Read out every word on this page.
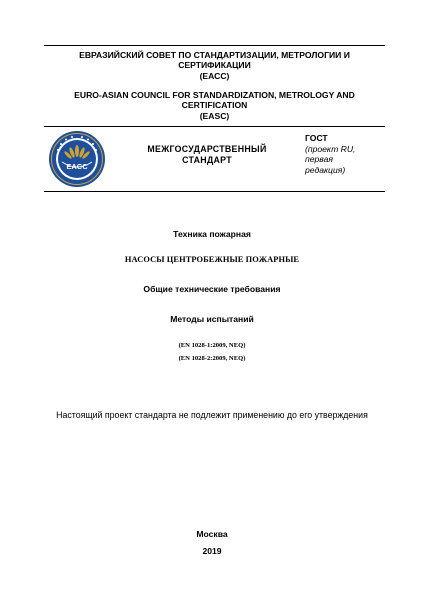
ЕВРАЗИЙСКИЙ СОВЕТ ПО СТАНДАРТИЗАЦИИ, МЕТРОЛОГИИ И
СЕРТИФИКАЦИИ
(ЕАСС)
EURO-ASIAN COUNCIL FOR STANDARDIZATION, METROLOGY AND
CERTIFICATION
(EASC)
EACC
МЕЖГОСУДАРСТВЕННЫЙ
СТАНДАРТ
ГОСТ
(проект RU,
первая
редакция)
Техника пожарная
НАСОСЫ ЦЕНТРОБЕЖНЫЕ ПОЖАРНЫЕ
Общие технические требования
Методы испытаний
(EN 1028-1:2009, NEQ)
(EN 1028-2:2009, NEQ)
Настоящий проект стандарта не подлежит применению до его утверждения
Москва
2019
